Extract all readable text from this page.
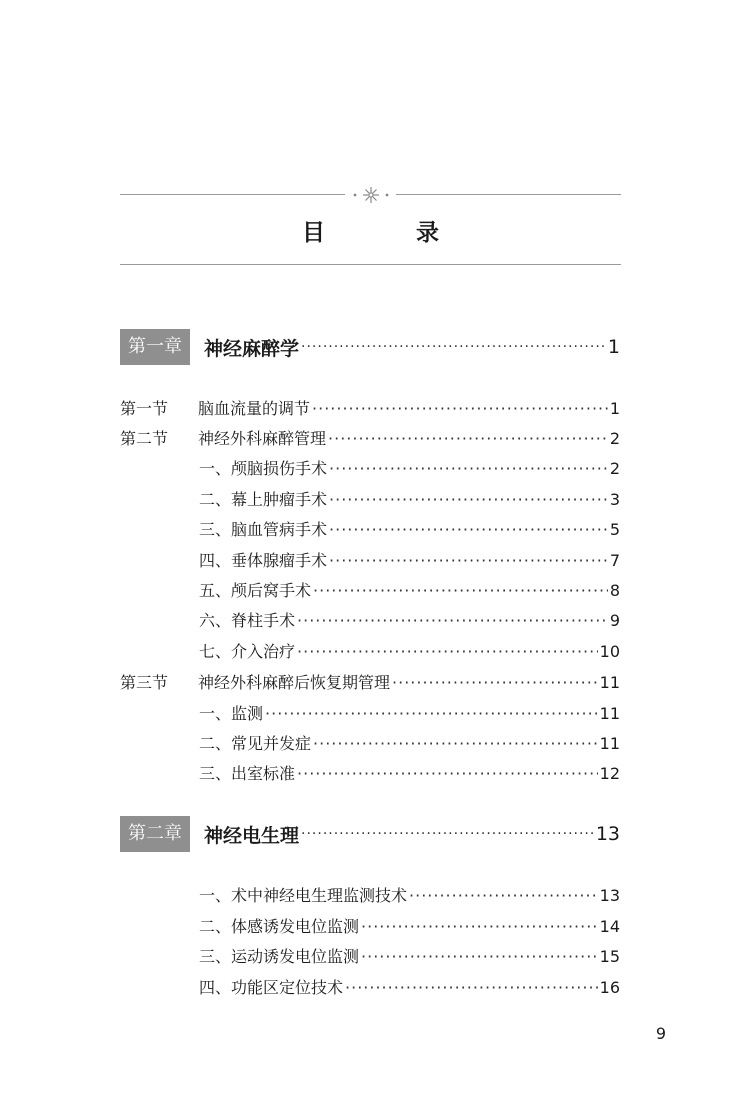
目　录
第一章	神经麻醉学 ·····	1
第一节	脑血流量的调节 ·····	1
第二节	神经外科麻醉管理 ·····	2
一、颅脑损伤手术 ·····	2
二、幕上肿瘤手术 ·····	3
三、脑血管病手术 ·····	5
四、垂体腺瘤手术 ·····	7
五、颅后窝手术 ·····	8
六、脊柱手术 ·····	9
七、介入治疗 ·····	10
第三节	神经外科麻醉后恢复期管理 ·····	11
一、监测 ·····	11
二、常见并发症 ·····	11
三、出室标准 ·····	12
第二章	神经电生理 ·····	13
一、术中神经电生理监测技术 ·····	13
二、体感诱发电位监测 ·····	14
三、运动诱发电位监测 ·····	15
四、功能区定位技术 ·····	16
9
